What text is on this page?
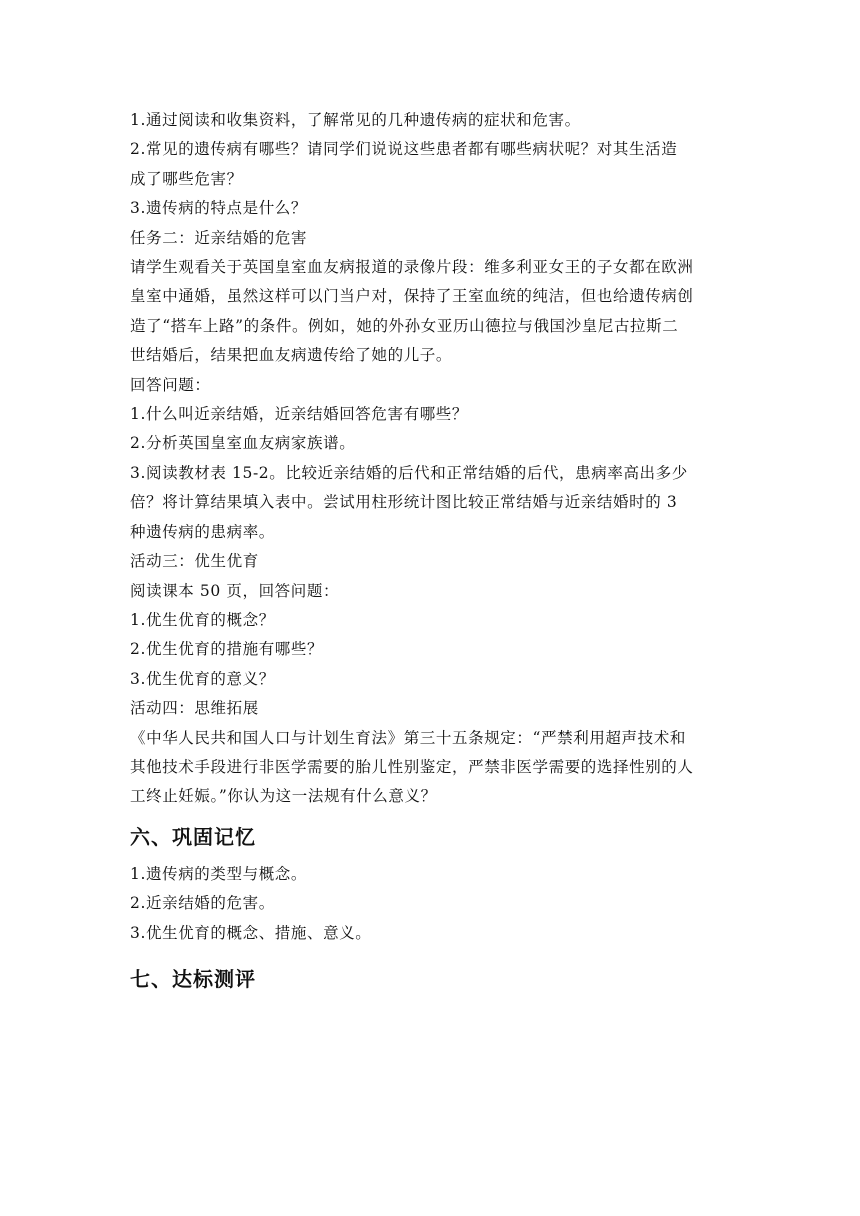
1.通过阅读和收集资料，了解常见的几种遗传病的症状和危害。
2.常见的遗传病有哪些？请同学们说说这些患者都有哪些病状呢？对其生活造
成了哪些危害？
3.遗传病的特点是什么？
任务二：近亲结婚的危害
请学生观看关于英国皇室血友病报道的录像片段：维多利亚女王的子女都在欧洲
皇室中通婚，虽然这样可以门当户对，保持了王室血统的纯洁，但也给遗传病创
造了“搭车上路”的条件。例如，她的外孙女亚历山德拉与俄国沙皇尼古拉斯二
世结婚后，结果把血友病遗传给了她的儿子。
回答问题：
1.什么叫近亲结婚，近亲结婚回答危害有哪些？
2.分析英国皇室血友病家族谱。
3.阅读教材表 15-2。比较近亲结婚的后代和正常结婚的后代，患病率高出多少
倍？将计算结果填入表中。尝试用柱形统计图比较正常结婚与近亲结婚时的 3
种遗传病的患病率。
活动三：优生优育
阅读课本 50 页，回答问题：
1.优生优育的概念？
2.优生优育的措施有哪些？
3.优生优育的意义？
活动四：思维拓展
《中华人民共和国人口与计划生育法》第三十五条规定：“严禁利用超声技术和
其他技术手段进行非医学需要的胎儿性别鉴定，严禁非医学需要的选择性别的人
工终止妊娠。”你认为这一法规有什么意义？
六、巩固记忆
1.遗传病的类型与概念。
2.近亲结婚的危害。
3.优生优育的概念、措施、意义。
七、达标测评
